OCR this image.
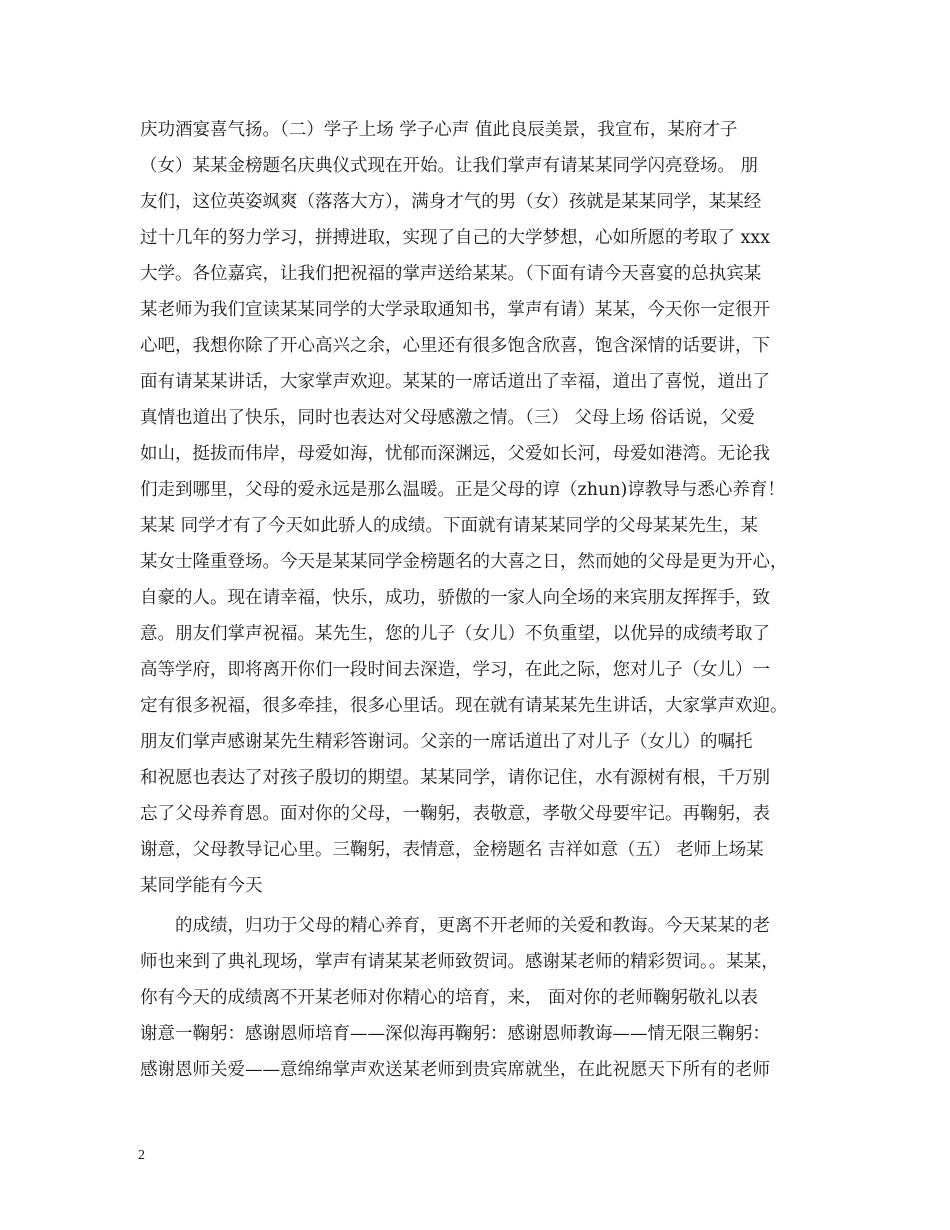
庆功酒宴喜气扬。（二）学子上场 学子心声 值此良辰美景，我宣布，某府才子
（女）某某金榜题名庆典仪式现在开始。让我们掌声有请某某同学闪亮登场。 朋
友们，这位英姿飒爽（落落大方），满身才气的男（女）孩就是某某同学，某某经
过十几年的努力学习，拼搏进取，实现了自己的大学梦想，心如所愿的考取了 xxx
大学。各位嘉宾，让我们把祝福的掌声送给某某。（下面有请今天喜宴的总执宾某
某老师为我们宣读某某同学的大学录取通知书，掌声有请）某某，今天你一定很开
心吧，我想你除了开心高兴之余，心里还有很多饱含欣喜，饱含深情的话要讲，下
面有请某某讲话，大家掌声欢迎。某某的一席话道出了幸福，道出了喜悦，道出了
真情也道出了快乐，同时也表达对父母感激之情。（三） 父母上场 俗话说，父爱
如山，挺拔而伟岸，母爱如海，忧郁而深渊远，父爱如长河，母爱如港湾。无论我
们走到哪里，父母的爱永远是那么温暖。正是父母的谆（zhun)谆教导与悉心养育！
某某 同学才有了今天如此骄人的成绩。下面就有请某某同学的父母某某先生，某
某女士隆重登场。今天是某某同学金榜题名的大喜之日，然而她的父母是更为开心，
自豪的人。现在请幸福，快乐，成功，骄傲的一家人向全场的来宾朋友挥挥手，致
意。朋友们掌声祝福。某先生，您的儿子（女儿）不负重望，以优异的成绩考取了
高等学府，即将离开你们一段时间去深造，学习，在此之际，您对儿子（女儿）一
定有很多祝福，很多牵挂，很多心里话。现在就有请某某先生讲话，大家掌声欢迎。
朋友们掌声感谢某先生精彩答谢词。父亲的一席话道出了对儿子（女儿）的嘱托
和祝愿也表达了对孩子殷切的期望。某某同学，请你记住，水有源树有根，千万别
忘了父母养育恩。面对你的父母，一鞠躬，表敬意，孝敬父母要牢记。再鞠躬，表
谢意，父母教导记心里。三鞠躬，表情意，金榜题名 吉祥如意（五） 老师上场某
某同学能有今天
　　的成绩，归功于父母的精心养育，更离不开老师的关爱和教诲。今天某某的老
师也来到了典礼现场，掌声有请某某老师致贺词。感谢某老师的精彩贺词。。某某，
你有今天的成绩离不开某老师对你精心的培育，来， 面对你的老师鞠躬敬礼以表
谢意一鞠躬：感谢恩师培育——深似海再鞠躬：感谢恩师教诲——情无限三鞠躬：
感谢恩师关爱——意绵绵掌声欢送某老师到贵宾席就坐，在此祝愿天下所有的老师
2
